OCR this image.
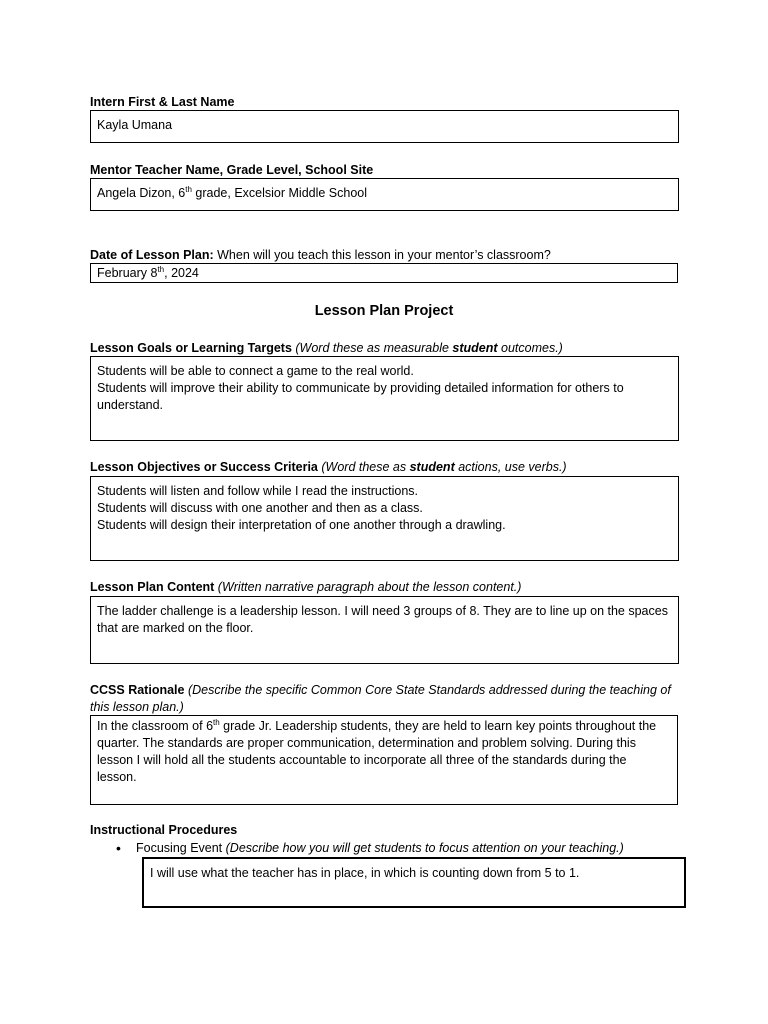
Intern First & Last Name
Kayla Umana
Mentor Teacher Name, Grade Level, School Site
Angela Dizon, 6th grade, Excelsior Middle School
Date of Lesson Plan: When will you teach this lesson in your mentor’s classroom?
February 8th, 2024
Lesson Plan Project
Lesson Goals or Learning Targets (Word these as measurable student outcomes.)
Students will be able to connect a game to the real world.
Students will improve their ability to communicate by providing detailed information for others to
understand.
Lesson Objectives or Success Criteria (Word these as student actions, use verbs.)
Students will listen and follow while I read the instructions.
Students will discuss with one another and then as a class.
Students will design their interpretation of one another through a drawling.
Lesson Plan Content (Written narrative paragraph about the lesson content.)
The ladder challenge is a leadership lesson. I will need 3 groups of 8. They are to line up on the spaces
that are marked on the floor.
CCSS Rationale (Describe the specific Common Core State Standards addressed during the teaching of
this lesson plan.)
In the classroom of 6th grade Jr. Leadership students, they are held to learn key points throughout the
quarter. The standards are proper communication, determination and problem solving. During this
lesson I will hold all the students accountable to incorporate all three of the standards during the
lesson.
Instructional Procedures
• Focusing Event (Describe how you will get students to focus attention on your teaching.)
I will use what the teacher has in place, in which is counting down from 5 to 1.
